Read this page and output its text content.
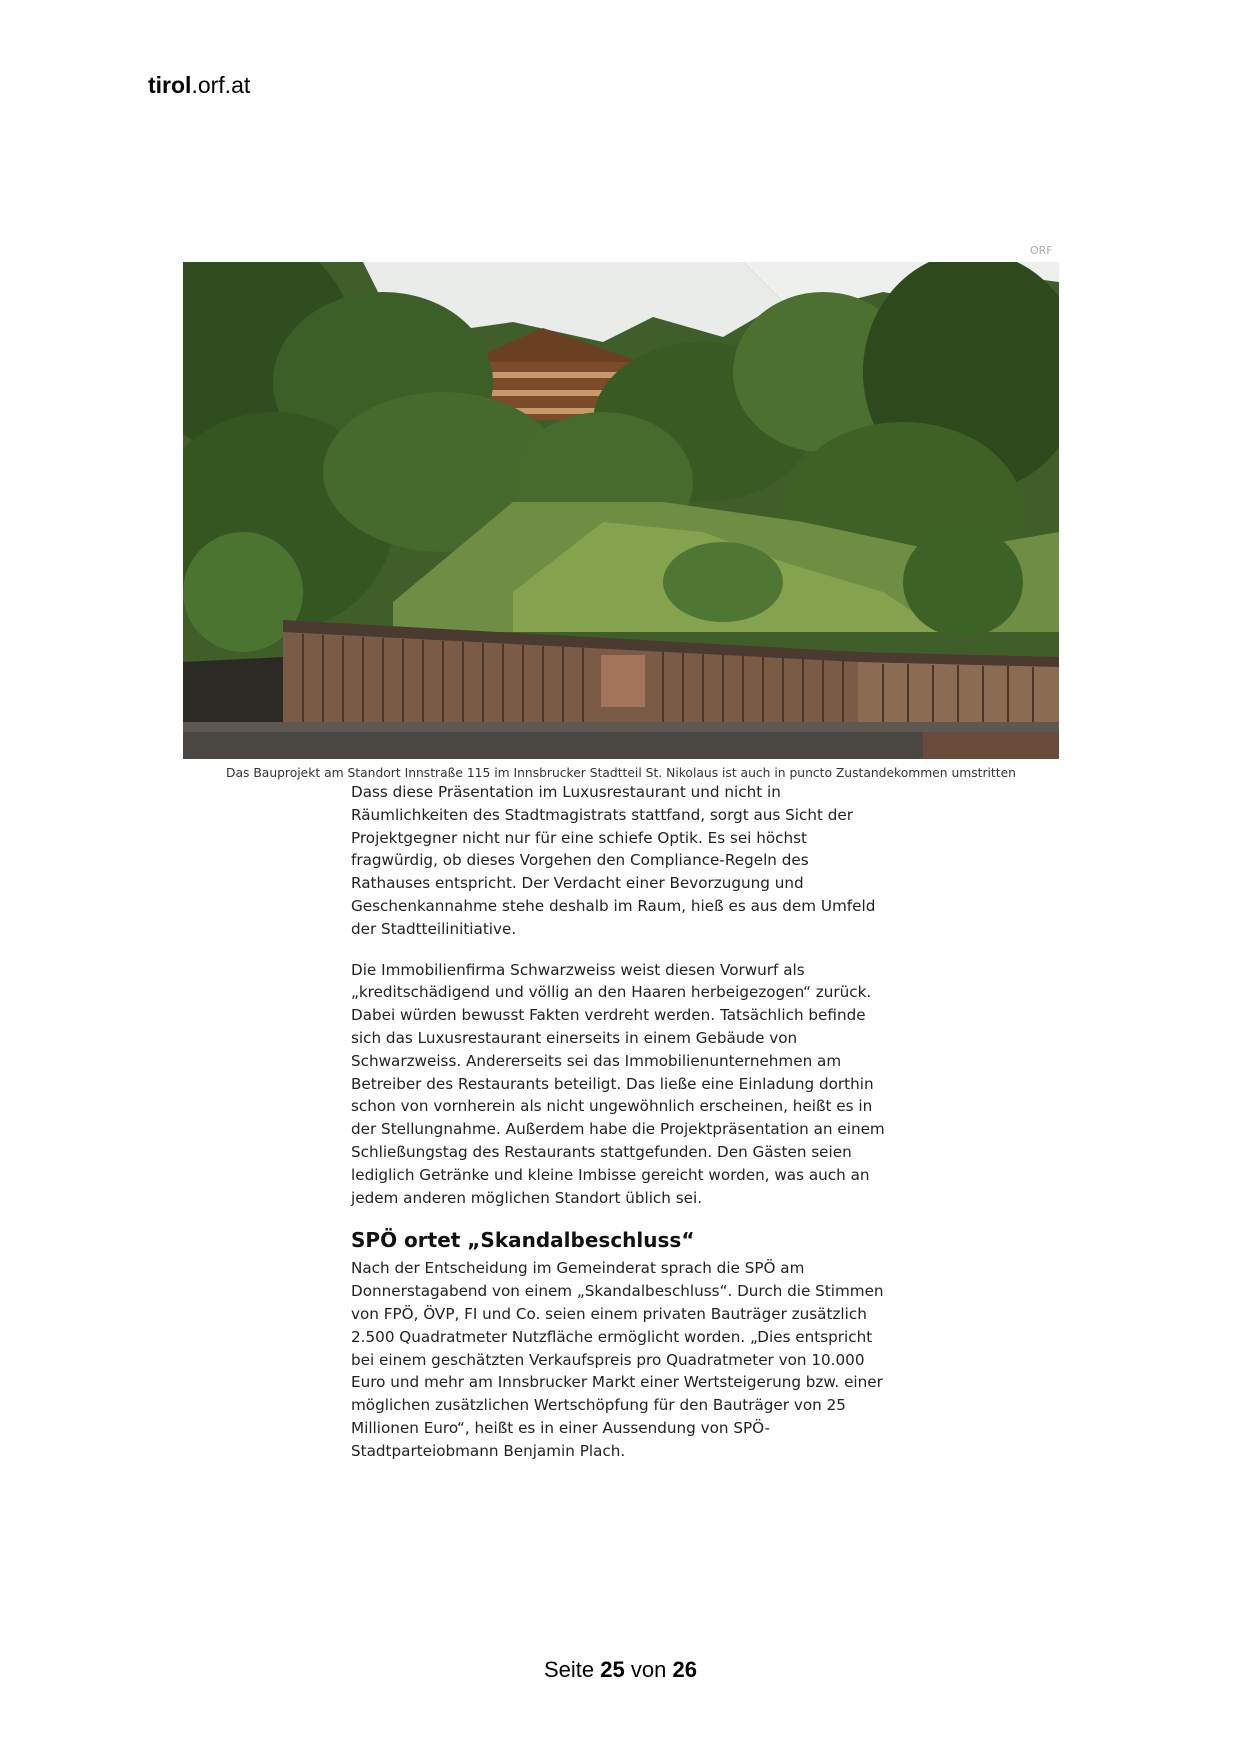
tirol.orf.at
ORF
Das Bauprojekt am Standort Innstraße 115 im Innsbrucker Stadtteil St. Nikolaus ist auch in puncto Zustandekommen umstritten

Dass diese Präsentation im Luxusrestaurant und nicht in Räumlichkeiten des Stadtmagistrats stattfand, sorgt aus Sicht der Projektgegner nicht nur für eine schiefe Optik. Es sei höchst fragwürdig, ob dieses Vorgehen den Compliance-Regeln des Rathauses entspricht. Der Verdacht einer Bevorzugung und Geschenkannahme stehe deshalb im Raum, hieß es aus dem Umfeld der Stadtteilinitiative.

Die Immobilienfirma Schwarzweiss weist diesen Vorwurf als „kreditschädigend und völlig an den Haaren herbeigezogen“ zurück. Dabei würden bewusst Fakten verdreht werden. Tatsächlich befinde sich das Luxusrestaurant einerseits in einem Gebäude von Schwarzweiss. Andererseits sei das Immobilienunternehmen am Betreiber des Restaurants beteiligt. Das ließe eine Einladung dorthin schon von vornherein als nicht ungewöhnlich erscheinen, heißt es in der Stellungnahme. Außerdem habe die Projektpräsentation an einem Schließungstag des Restaurants stattgefunden. Den Gästen seien lediglich Getränke und kleine Imbisse gereicht worden, was auch an jedem anderen möglichen Standort üblich sei.

SPÖ ortet „Skandalbeschluss“

Nach der Entscheidung im Gemeinderat sprach die SPÖ am Donnerstagabend von einem „Skandalbeschluss“. Durch die Stimmen von FPÖ, ÖVP, FI und Co. seien einem privaten Bauträger zusätzlich 2.500 Quadratmeter Nutzfläche ermöglicht worden. „Dies entspricht bei einem geschätzten Verkaufspreis pro Quadratmeter von 10.000 Euro und mehr am Innsbrucker Markt einer Wertsteigerung bzw. einer möglichen zusätzlichen Wertschöpfung für den Bauträger von 25 Millionen Euro“, heißt es in einer Aussendung von SPÖ-Stadtparteiobmann Benjamin Plach.

Seite 25 von 26
